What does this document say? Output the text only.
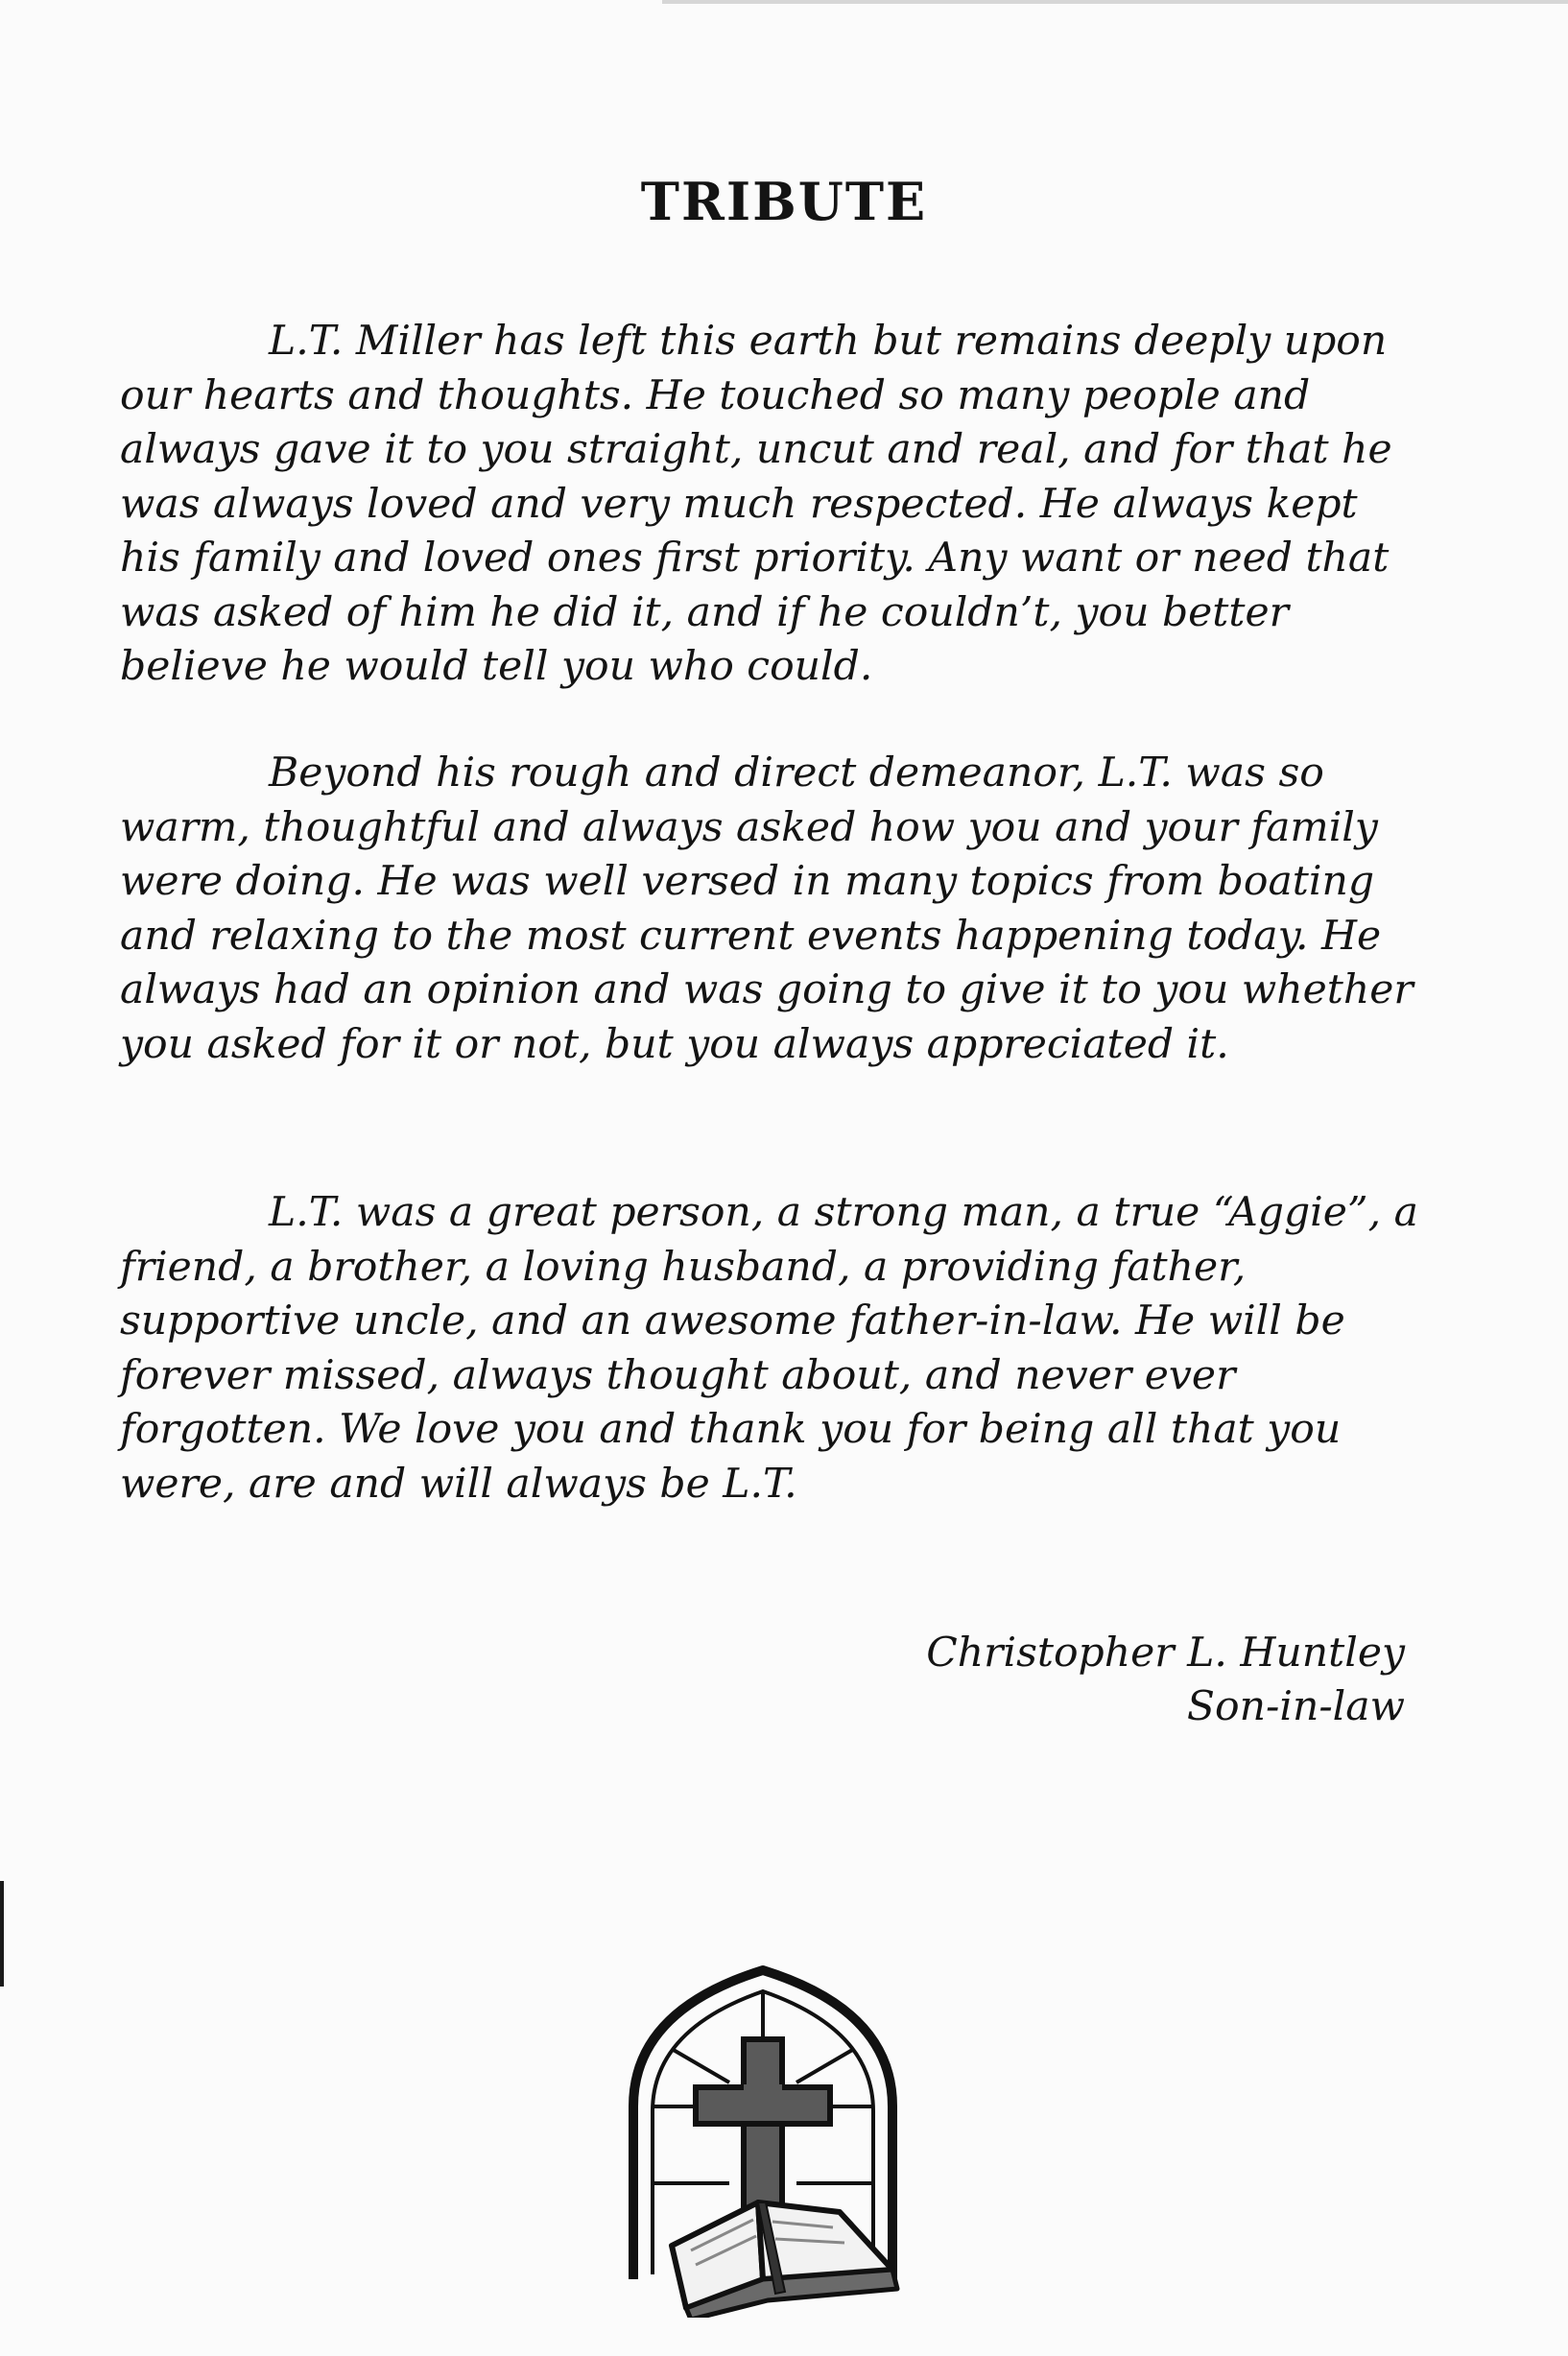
TRIBUTE

L.T. Miller has left this earth but remains deeply upon our hearts and thoughts. He touched so many people and always gave it to you straight, uncut and real, and for that he was always loved and very much respected. He always kept his family and loved ones first priority. Any want or need that was asked of him he did it, and if he couldn’t, you better believe he would tell you who could.

Beyond his rough and direct demeanor, L.T. was so warm, thoughtful and always asked how you and your family were doing. He was well versed in many topics from boating and relaxing to the most current events happening today. He always had an opinion and was going to give it to you whether you asked for it or not, but you always appreciated it.

L.T. was a great person, a strong man, a true “Aggie”, a friend, a brother, a loving husband, a providing father, supportive uncle, and an awesome father-in-law. He will be forever missed, always thought about, and never ever forgotten. We love you and thank you for being all that you were, are and will always be L.T.

Christopher L. Huntley
Son-in-law
